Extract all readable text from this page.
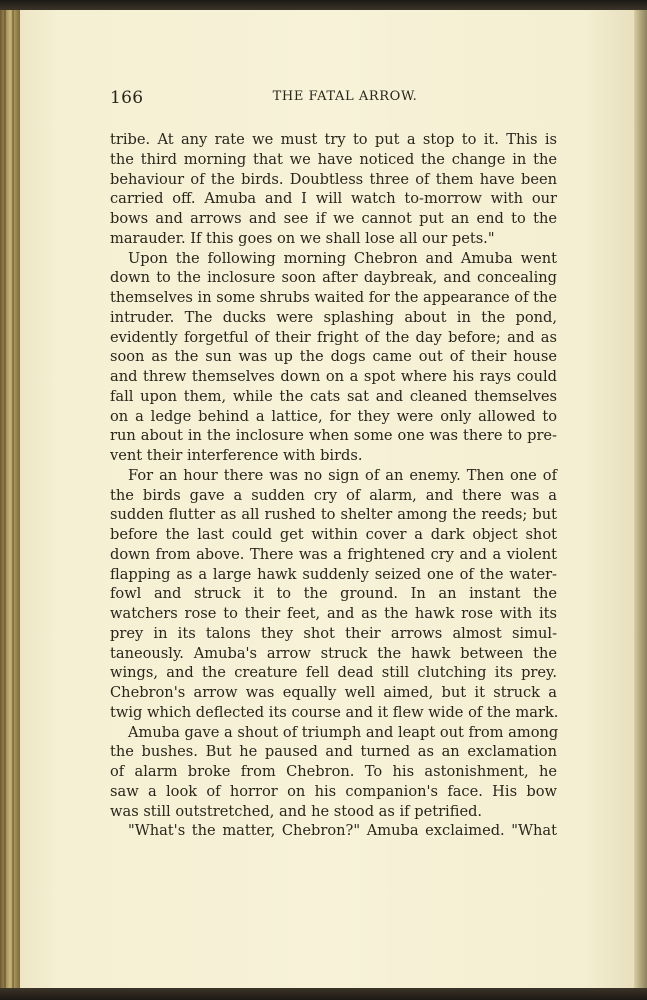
166	THE FATAL ARROW.
tribe. At any rate we must try to put a stop to it. This is
the third morning that we have noticed the change in the
behaviour of the birds. Doubtless three of them have been
carried off. Amuba and I will watch to-morrow with our
bows and arrows and see if we cannot put an end to the
marauder. If this goes on we shall lose all our pets."
Upon the following morning Chebron and Amuba went
down to the inclosure soon after daybreak, and concealing
themselves in some shrubs waited for the appearance of the
intruder. The ducks were splashing about in the pond,
evidently forgetful of their fright of the day before; and as
soon as the sun was up the dogs came out of their house
and threw themselves down on a spot where his rays could
fall upon them, while the cats sat and cleaned themselves
on a ledge behind a lattice, for they were only allowed to
run about in the inclosure when some one was there to pre-
vent their interference with birds.
For an hour there was no sign of an enemy. Then one of
the birds gave a sudden cry of alarm, and there was a
sudden flutter as all rushed to shelter among the reeds; but
before the last could get within cover a dark object shot
down from above. There was a frightened cry and a violent
flapping as a large hawk suddenly seized one of the water-
fowl and struck it to the ground. In an instant the
watchers rose to their feet, and as the hawk rose with its
prey in its talons they shot their arrows almost simul-
taneously. Amuba's arrow struck the hawk between the
wings, and the creature fell dead still clutching its prey.
Chebron's arrow was equally well aimed, but it struck a
twig which deflected its course and it flew wide of the mark.
Amuba gave a shout of triumph and leapt out from among
the bushes. But he paused and turned as an exclamation
of alarm broke from Chebron. To his astonishment, he
saw a look of horror on his companion's face. His bow
was still outstretched, and he stood as if petrified.
"What's the matter, Chebron?" Amuba exclaimed. "What
